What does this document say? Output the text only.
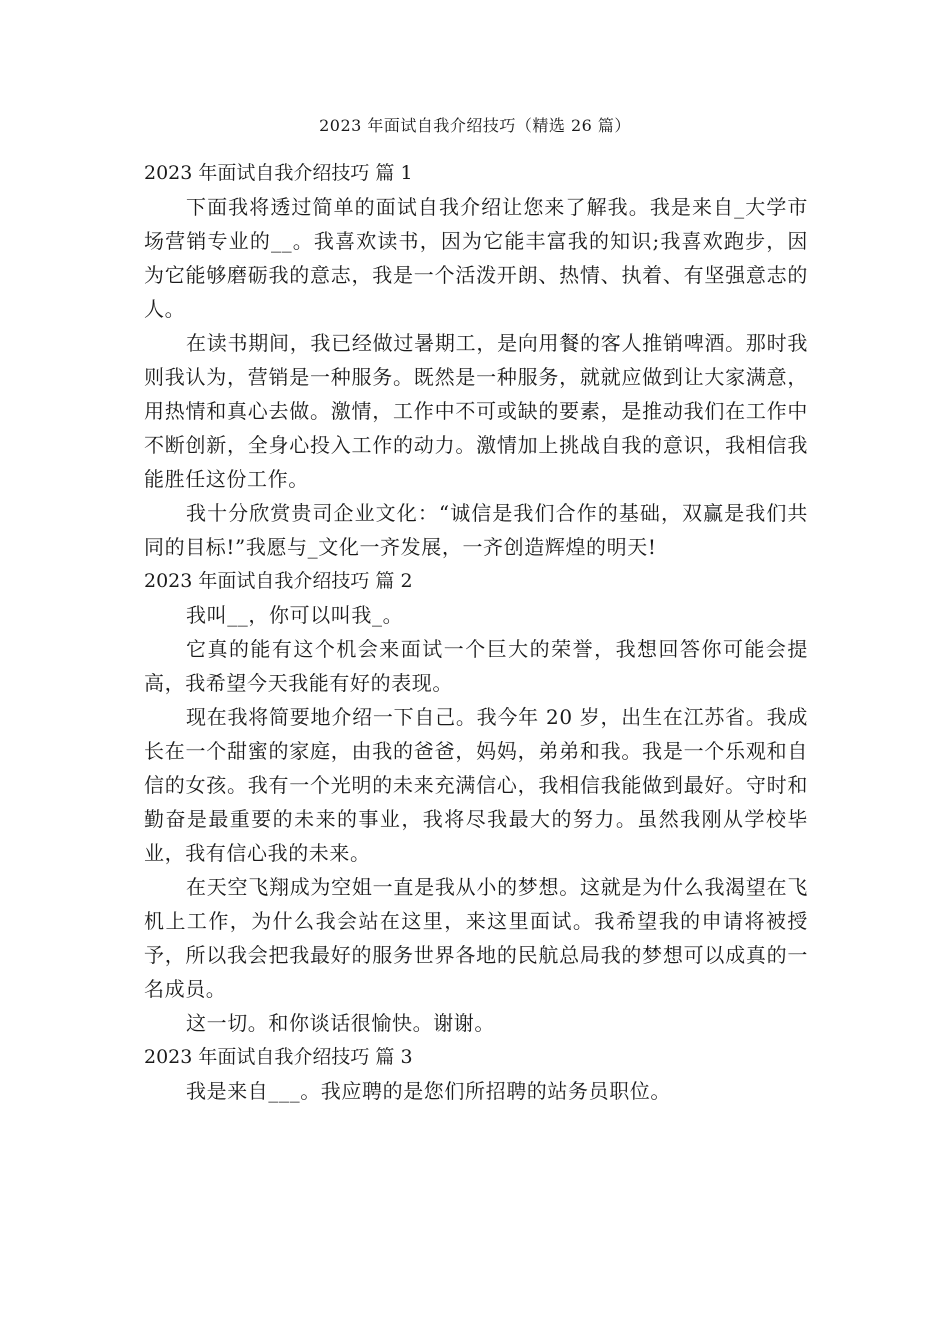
2023 年面试自我介绍技巧（精选 26 篇）
2023 年面试自我介绍技巧 篇 1

下面我将透过简单的面试自我介绍让您来了解我。我是来自_大学市场营销专业的__。我喜欢读书，因为它能丰富我的知识;我喜欢跑步，因为它能够磨砺我的意志，我是一个活泼开朗、热情、执着、有坚强意志的人。

在读书期间，我已经做过暑期工，是向用餐的客人推销啤酒。那时我则我认为，营销是一种服务。既然是一种服务，就就应做到让大家满意，用热情和真心去做。激情，工作中不可或缺的要素，是推动我们在工作中不断创新，全身心投入工作的动力。激情加上挑战自我的意识，我相信我能胜任这份工作。

我十分欣赏贵司企业文化：“诚信是我们合作的基础，双赢是我们共同的目标!”我愿与_文化一齐发展，一齐创造辉煌的明天!

2023 年面试自我介绍技巧 篇 2

我叫__，你可以叫我_。

它真的能有这个机会来面试一个巨大的荣誉，我想回答你可能会提高，我希望今天我能有好的表现。

现在我将简要地介绍一下自己。我今年 20 岁，出生在江苏省。我成长在一个甜蜜的家庭，由我的爸爸，妈妈，弟弟和我。我是一个乐观和自信的女孩。我有一个光明的未来充满信心，我相信我能做到最好。守时和勤奋是最重要的未来的事业，我将尽我最大的努力。虽然我刚从学校毕业，我有信心我的未来。

在天空飞翔成为空姐一直是我从小的梦想。这就是为什么我渴望在飞机上工作，为什么我会站在这里，来这里面试。我希望我的申请将被授予，所以我会把我最好的服务世界各地的民航总局我的梦想可以成真的一名成员。

这一切。和你谈话很愉快。谢谢。

2023 年面试自我介绍技巧 篇 3

我是来自___。我应聘的是您们所招聘的站务员职位。
